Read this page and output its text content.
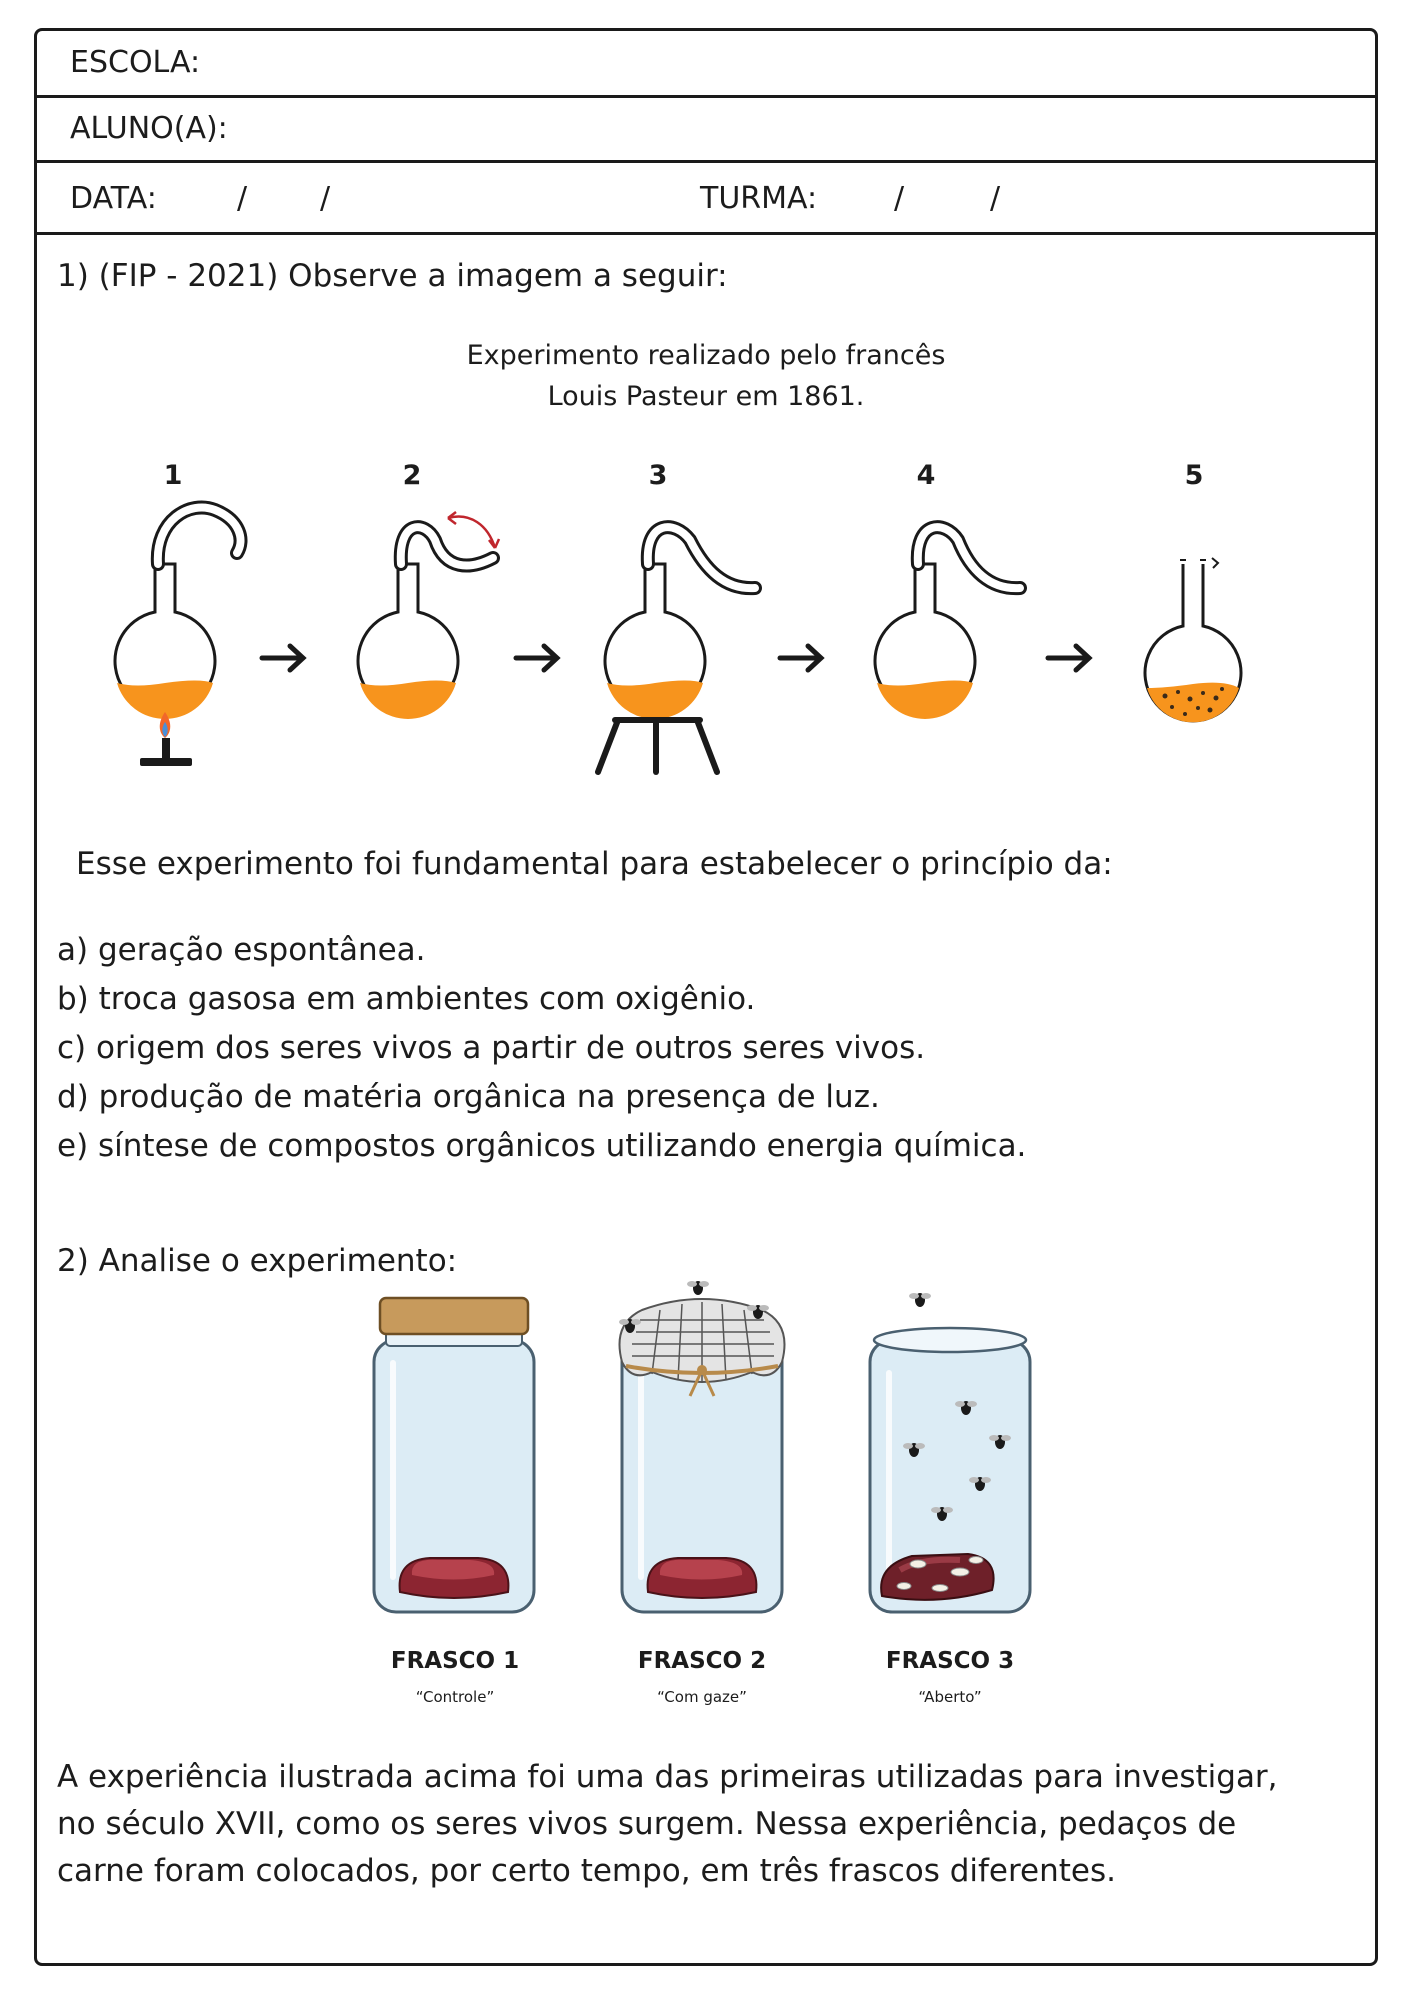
ESCOLA:
ALUNO(A):
DATA:	/ /	TURMA:	/	/
1) (FIP - 2021) Observe a imagem a seguir:
Experimento realizado pelo francês
Louis Pasteur em 1861.
1	2	3	4	5
Esse experimento foi fundamental para estabelecer o princípio da:
a) geração espontânea.
b) troca gasosa em ambientes com oxigênio.
c) origem dos seres vivos a partir de outros seres vivos.
d) produção de matéria orgânica na presença de luz.
e) síntese de compostos orgânicos utilizando energia química.
2) Analise o experimento:
FRASCO 1
“Controle”
FRASCO 2
“Com gaze”
FRASCO 3
“Aberto”
A experiência ilustrada acima foi uma das primeiras utilizadas para investigar,
no século XVII, como os seres vivos surgem. Nessa experiência, pedaços de
carne foram colocados, por certo tempo, em três frascos diferentes.
